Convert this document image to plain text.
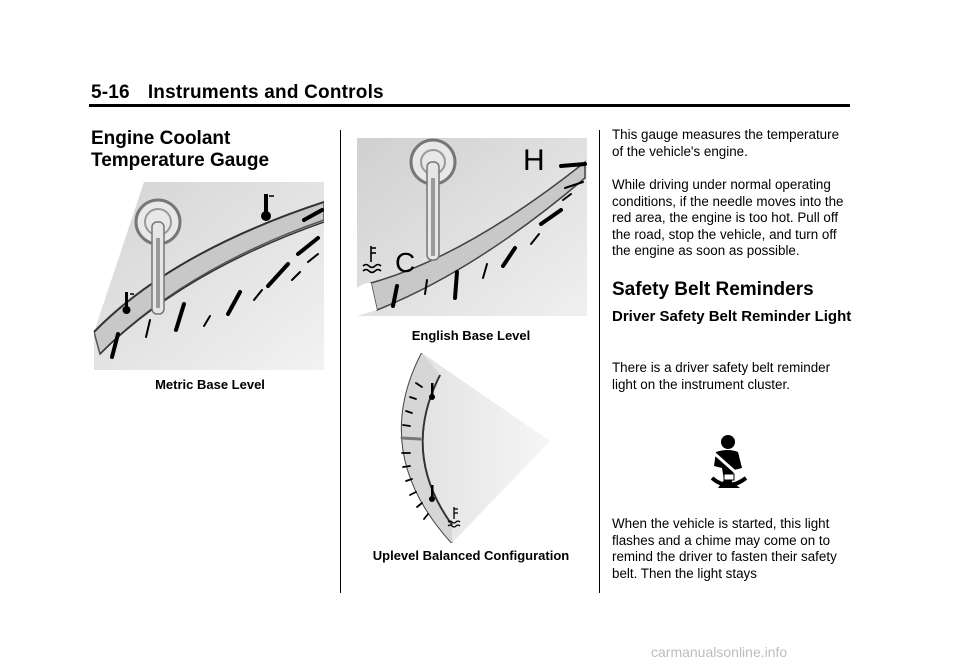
5-16 Instruments and Controls
Engine Coolant
Temperature Gauge
Metric Base Level
H
C
English Base Level
Uplevel Balanced Configuration

This gauge measures the temperature of the vehicle's engine.

While driving under normal operating conditions, if the needle moves into the red area, the engine is too hot. Pull off the road, stop the vehicle, and turn off the engine as soon as possible.

Safety Belt Reminders
Driver Safety Belt Reminder Light

There is a driver safety belt reminder light on the instrument cluster.

When the vehicle is started, this light flashes and a chime may come on to remind the driver to fasten their safety belt. Then the light stays

carmanualsonline.info
